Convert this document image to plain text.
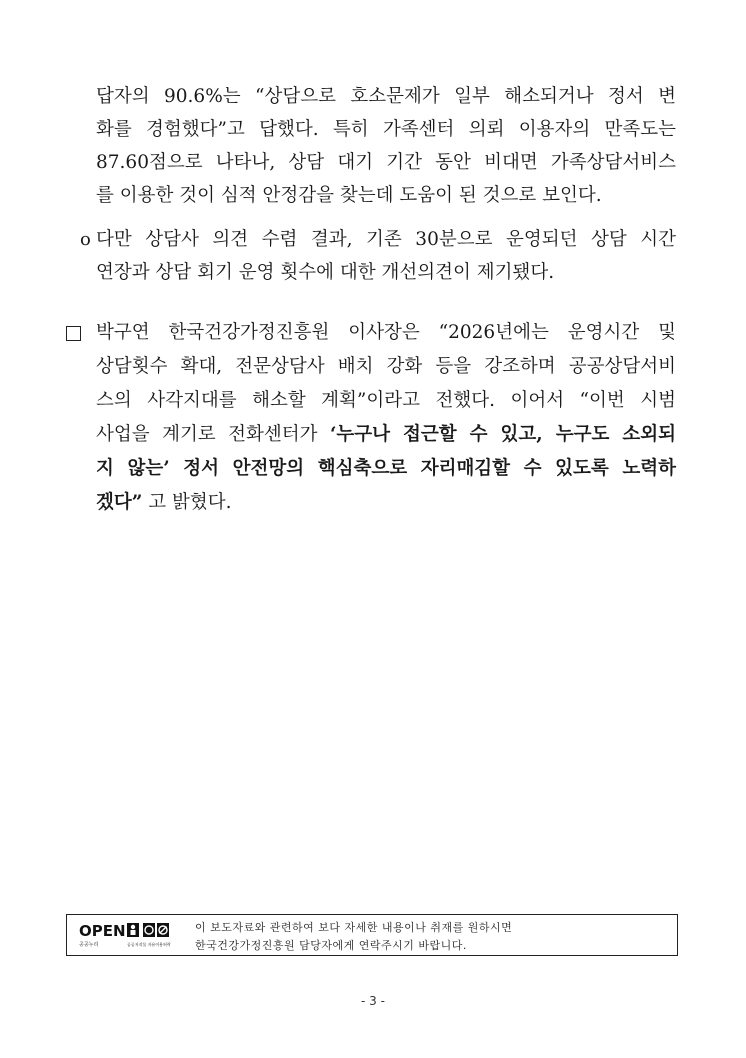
답자의 90.6%는 “상담으로 호소문제가 일부 해소되거나 정서 변
화를 경험했다”고 답했다. 특히 가족센터 의뢰 이용자의 만족도는
87.60점으로 나타나, 상담 대기 기간 동안 비대면 가족상담서비스
를 이용한 것이 심적 안정감을 찾는데 도움이 된 것으로 보인다.
o 다만 상담사 의견 수렴 결과, 기존 30분으로 운영되던 상담 시간
연장과 상담 회기 운영 횟수에 대한 개선의견이 제기됐다.
박구연 한국건강가정진흥원 이사장은 “2026년에는 운영시간 및
상담횟수 확대, 전문상담사 배치 강화 등을 강조하며 공공상담서비
스의 사각지대를 해소할 계획”이라고 전했다. 이어서 “이번 시범
사업을 계기로 전화센터가 ‘누구나 접근할 수 있고, 누구도 소외되
지 않는’ 정서 안전망의 핵심축으로 자리매김할 수 있도록 노력하
겠다” 고 밝혔다.
OPEN
공공누리	공공저작물 자유이용허락
이 보도자료와 관련하여 보다 자세한 내용이나 취재를 원하시면
한국건강가정진흥원 담당자에게 연락주시기 바랍니다.
- 3 -
